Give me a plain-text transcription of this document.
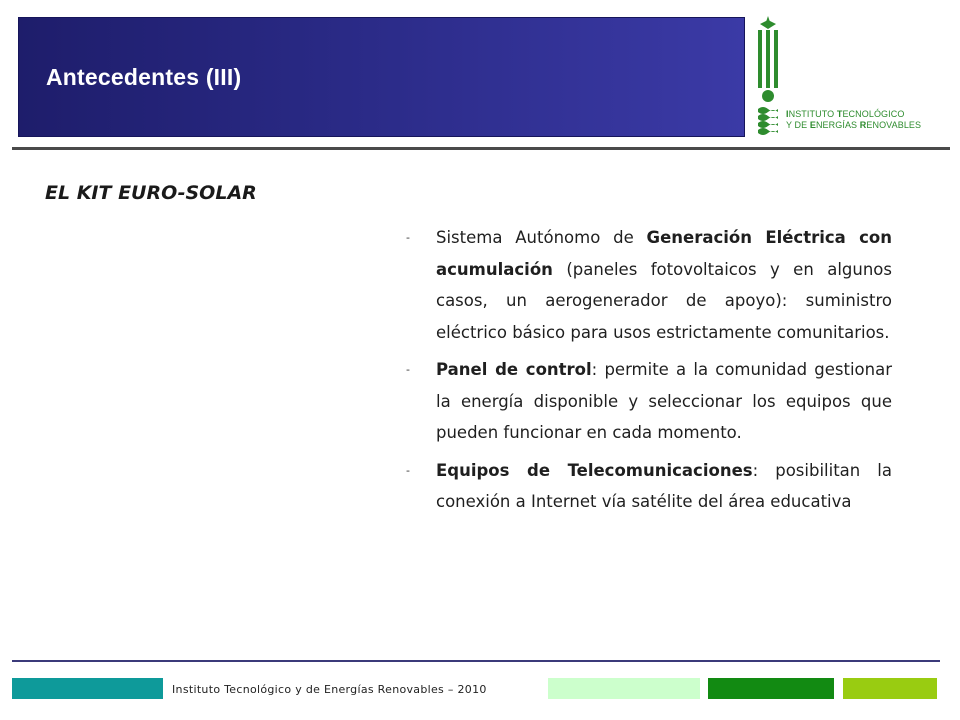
Antecedentes (III)
INSTITUTO TECNOLÓGICO
Y DE ENERGÍAS RENOVABLES
EL KIT EURO-SOLAR
- Sistema Autónomo de Generación Eléctrica con acumulación (paneles fotovoltaicos y en algunos casos, un aerogenerador de apoyo): suministro eléctrico básico para usos estrictamente comunitarios.
- Panel de control: permite a la comunidad gestionar la energía disponible y seleccionar los equipos que pueden funcionar en cada momento.
- Equipos de Telecomunicaciones: posibilitan la conexión a Internet vía satélite del área educativa
Instituto Tecnológico y de Energías Renovables – 2010
